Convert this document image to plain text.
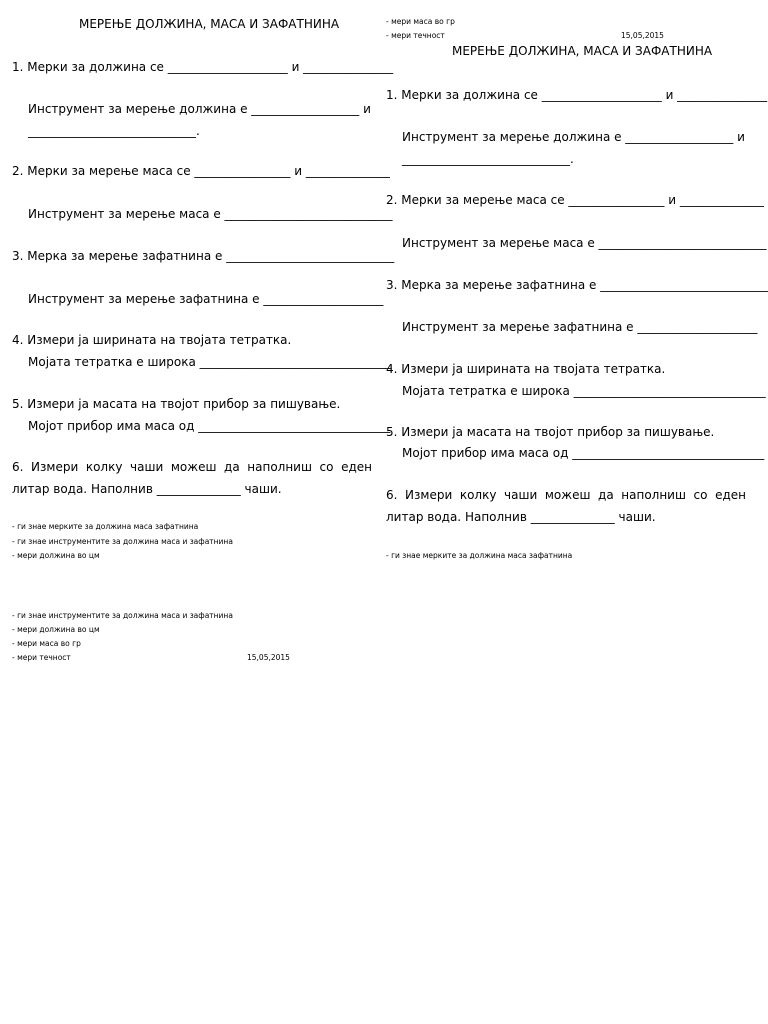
МЕРЕЊЕ ДОЛЖИНА, МАСА И ЗАФАТНИНА
1. Мерки за должина се ____________________ и _______________
Инструмент за мерење должина е __________________ и
____________________________.
2. Мерки за мерење маса се ________________ и ______________
Инструмент за мерење маса е ____________________________
3. Мерка за мерење зафатнина е ____________________________
Инструмент за мерење зафатнина е ____________________
4. Измери ја ширината на твојата тетратка.
Мојата тетратка е широка ________________________________
5. Измери ја масата на твојот прибор за пишување.
Мојот прибор има маса од ________________________________
6. Измери колку чаши можеш да наполниш со еден
литар вода. Наполнив ______________ чаши.
- ги знае мерките за должина маса зафатнина
- ги знае инструментите за должина маса и зафатнина
- мери должина во цм
- ги знае инструментите за должина маса и зафатнина
- мери должина во цм
- мери маса во гр
- мери течност	15,05,2015
- мери маса во гр
- мери течност	15,05,2015
МЕРЕЊЕ ДОЛЖИНА, МАСА И ЗАФАТНИНА
1. Мерки за должина се ____________________ и _______________
Инструмент за мерење должина е __________________ и
____________________________.
2. Мерки за мерење маса се ________________ и ______________
Инструмент за мерење маса е ____________________________
3. Мерка за мерење зафатнина е ____________________________
Инструмент за мерење зафатнина е ____________________
4. Измери ја ширината на твојата тетратка.
Мојата тетратка е широка ________________________________
5. Измери ја масата на твојот прибор за пишување.
Мојот прибор има маса од ________________________________
6. Измери колку чаши можеш да наполниш со еден
литар вода. Наполнив ______________ чаши.
- ги знае мерките за должина маса зафатнина
